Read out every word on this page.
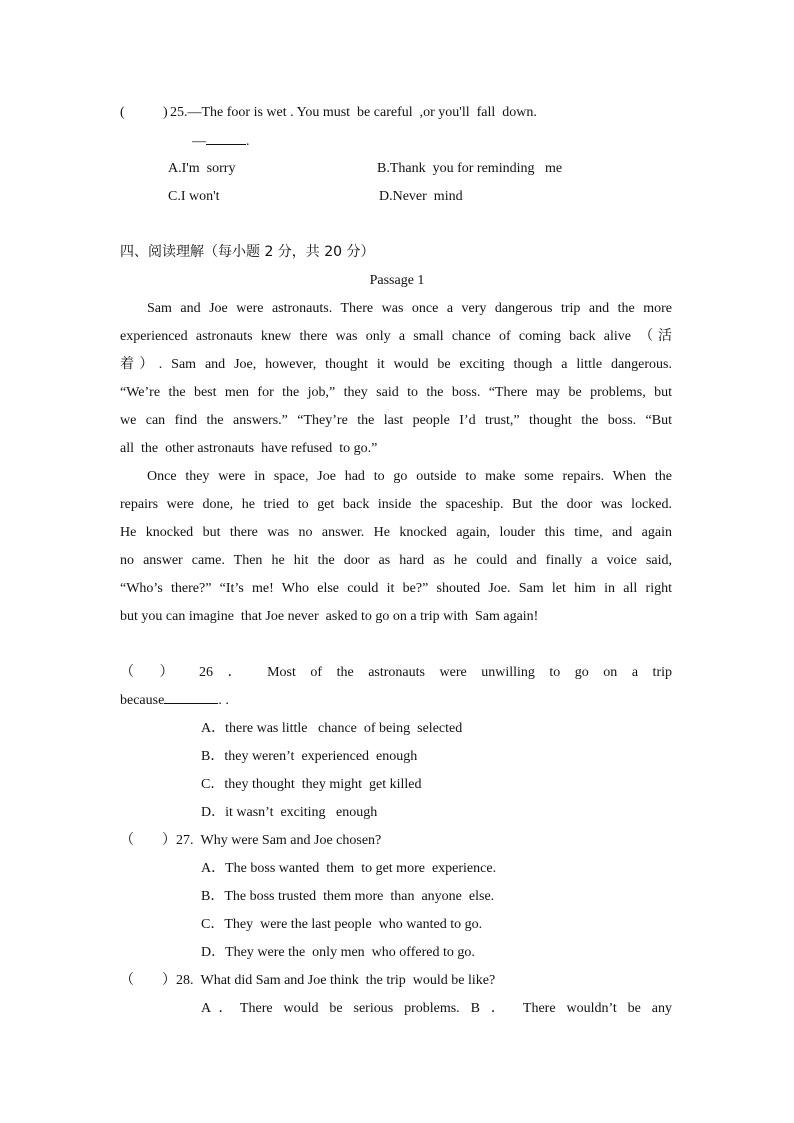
(	) 25.—The foor is wet . You must  be careful  ,or you'll  fall  down.
—	.
A.I'm  sorry	B.Thank  you for reminding   me
C.I won't	D.Never  mind
四、阅读理解（每小题 2 分，共 20 分）
Passage 1
Sam and Joe were astronauts. There was once a very dangerous trip and the more
experienced astronauts knew there was only a small chance of coming back alive （活
着）. Sam and Joe, however, thought it would be exciting though a little dangerous.
“We’re the best men for the job,” they said to the boss. “There may be problems, but
we can find the answers.” “They’re the last people I’d trust,” thought the boss. “But
all  the  other astronauts  have refused  to go.”
Once they were in space, Joe had to go outside to make some repairs. When the
repairs were done, he tried to get back inside the spaceship. But the door was locked.
He knocked but there was no answer. He knocked again, louder this time, and again
no answer came. Then he hit the door as hard as he could and finally a voice said,
“Who’s there?” “It’s me! Who else could it be?” shouted Joe. Sam let him in all right
but you can imagine  that Joe never  asked to go on a trip with  Sam again!
（ ） 26 ． Most of the astronauts were unwilling to go on a trip
because	. .
A．there was little   chance  of being  selected
B．they weren’t  experienced  enough
C．they thought  they might  get killed
D．it wasn’t  exciting   enough
（　　）27.  Why were Sam and Joe chosen?
A．The boss wanted  them  to get more  experience.
B．The boss trusted  them more  than  anyone  else.
C．They  were the last people  who wanted to go.
D．They were the  only men  who offered to go.
（　　）28.  What did Sam and Joe think  the trip  would be like?
A．There would be serious problems. B ． There wouldn’t be any
